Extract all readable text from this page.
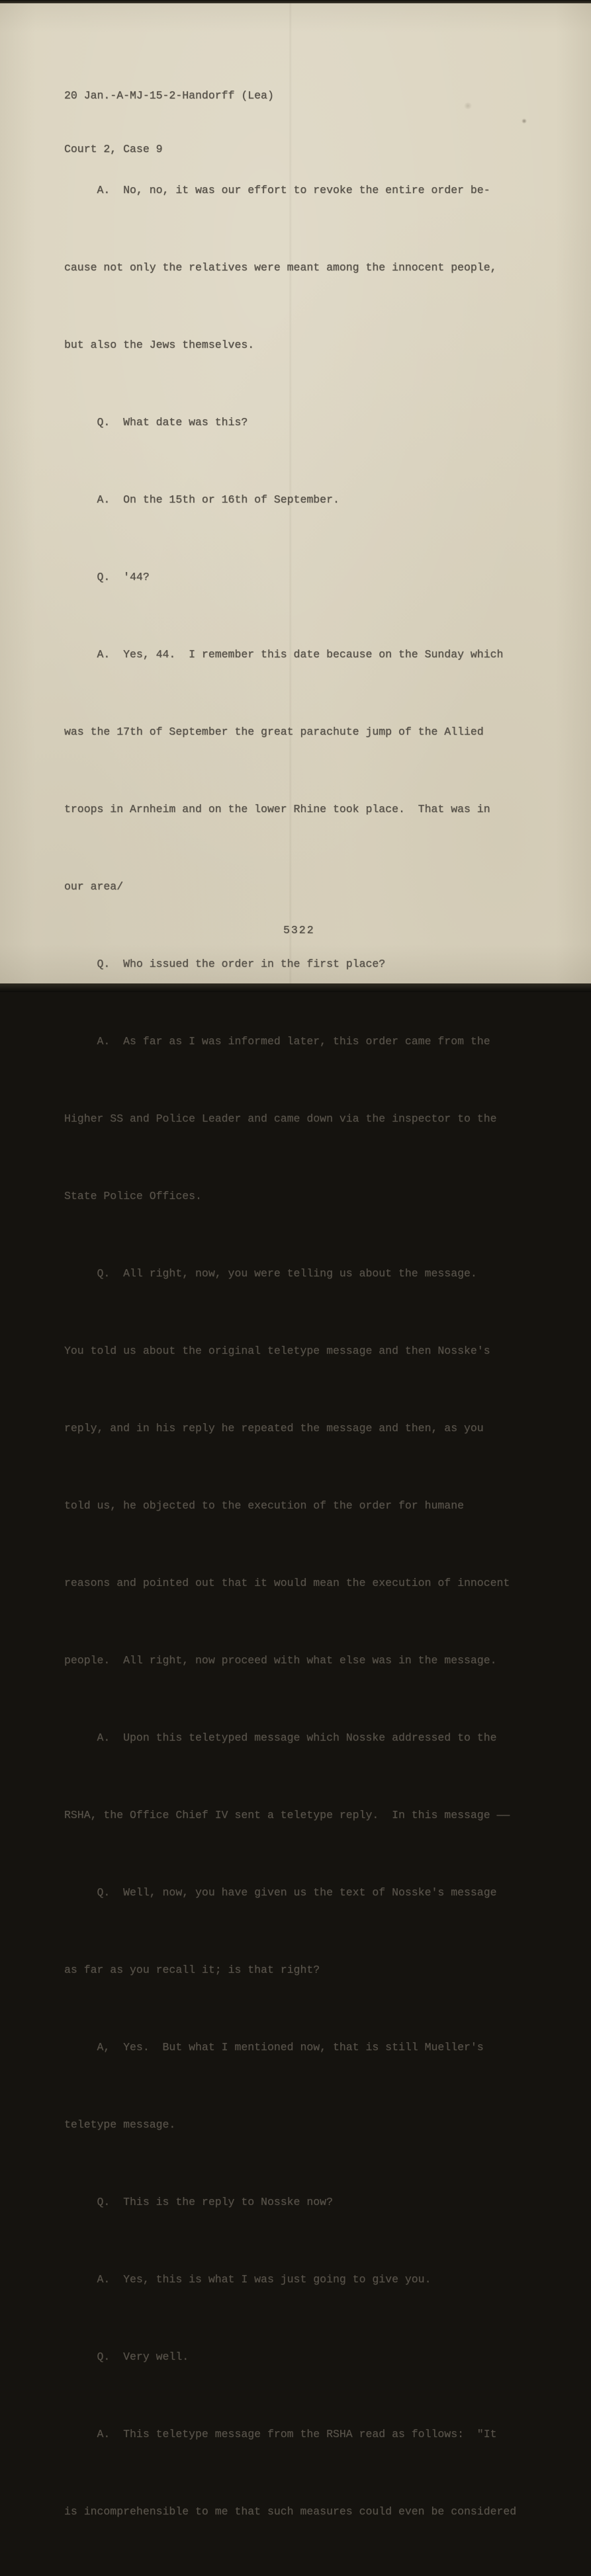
20 Jan.-A-MJ-15-2-Handorff (Lea)

Court 2, Case 9

A.  No, no, it was our effort to revoke the entire order be-

cause not only the relatives were meant among the innocent people,

but also the Jews themselves.

Q.  What date was this?

A.  On the 15th or 16th of September.

Q.  '44?

A.  Yes, 44.  I remember this date because on the Sunday which

was the 17th of September the great parachute jump of the Allied

troops in Arnheim and on the lower Rhine took place.  That was in

our area/

Q.  Who issued the order in the first place?

A.  As far as I was informed later, this order came from the

Higher SS and Police Leader and came down via the inspector to the

State Police Offices.

Q.  All right, now, you were telling us about the message.

You told us about the original teletype message and then Nosske's

reply, and in his reply he repeated the message and then, as you

told us, he objected to the execution of the order for humane

reasons and pointed out that it would mean the execution of innocent

people.  All right, now proceed with what else was in the message.

A.  Upon this teletyped message which Nosske addressed to the

RSHA, the Office Chief IV sent a teletype reply.  In this message ——

Q.  Well, now, you have given us the text of Nosske's message

as far as you recall it; is that right?

A,  Yes.  But what I mentioned now, that is still Mueller's

teletype message.

Q.  This is the reply to Nosske now?

A.  Yes, this is what I was just going to give you.

Q.  Very well.

A.  This teletype message from the RSHA read as follows:  "It

is incomprehensible to me that such measures could even be considered

5322
